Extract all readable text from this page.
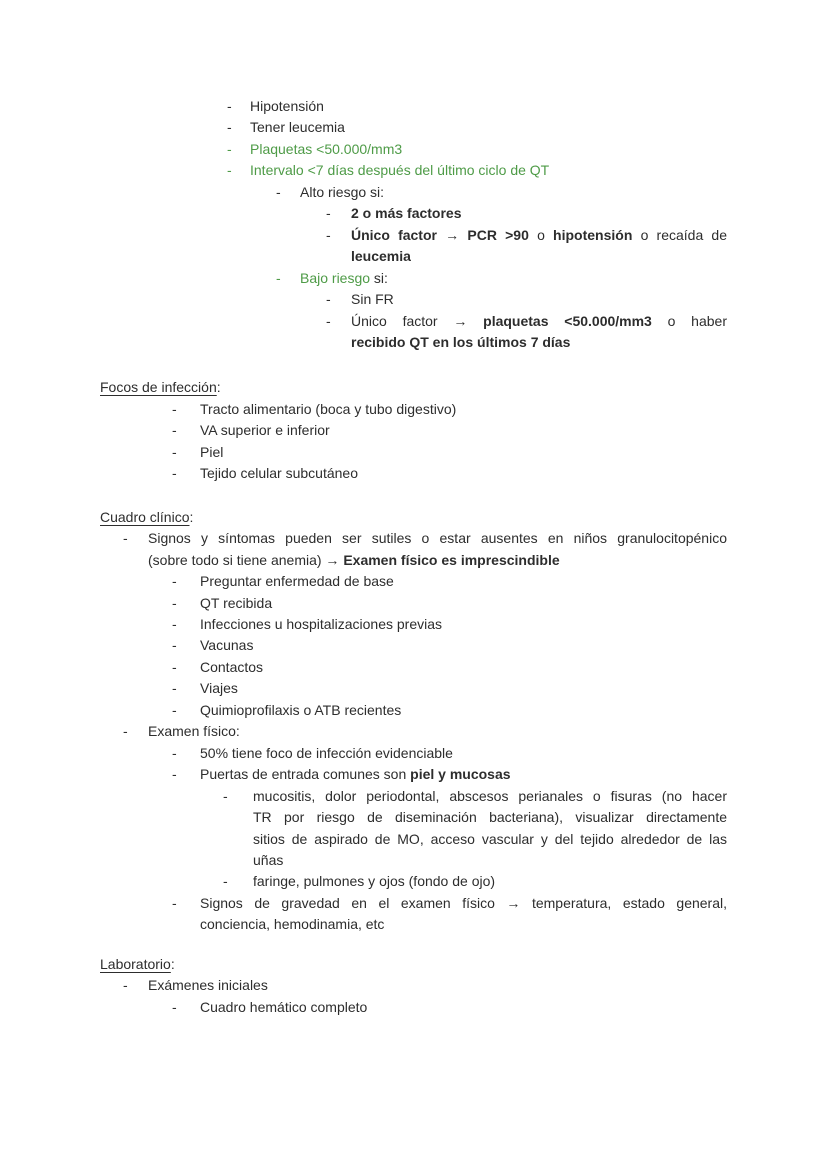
- Hipotensión
- Tener leucemia
- Plaquetas <50.000/mm3
- Intervalo <7 días después del último ciclo de QT
- Alto riesgo si:
- 2 o más factores
- Único factor → PCR >90 o hipotensión o recaída de
leucemia
- Bajo riesgo si:
- Sin FR
- Único factor → plaquetas <50.000/mm3 o haber
recibido QT en los últimos 7 días
Focos de infección:
- Tracto alimentario (boca y tubo digestivo)
- VA superior e inferior
- Piel
- Tejido celular subcutáneo
Cuadro clínico:
- Signos y síntomas pueden ser sutiles o estar ausentes en niños granulocitopénico
(sobre todo si tiene anemia) → Examen físico es imprescindible
- Preguntar enfermedad de base
- QT recibida
- Infecciones u hospitalizaciones previas
- Vacunas
- Contactos
- Viajes
- Quimioprofilaxis o ATB recientes
- Examen físico:
- 50% tiene foco de infección evidenciable
- Puertas de entrada comunes son piel y mucosas
- mucositis, dolor periodontal, abscesos perianales o fisuras (no hacer
TR por riesgo de diseminación bacteriana), visualizar directamente
sitios de aspirado de MO, acceso vascular y del tejido alrededor de las
uñas
- faringe, pulmones y ojos (fondo de ojo)
- Signos de gravedad en el examen físico → temperatura, estado general,
conciencia, hemodinamia, etc
Laboratorio:
- Exámenes iniciales
- Cuadro hemático completo
